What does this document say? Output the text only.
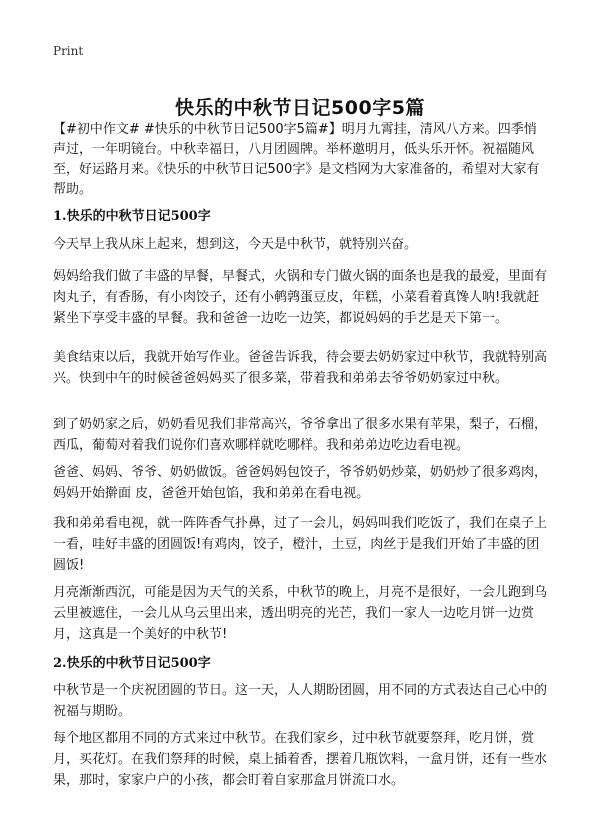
Print
快乐的中秋节日记500字5篇

【#初中作文# #快乐的中秋节日记500字5篇#】明月九霄挂，清风八方来。四季悄声过，一年明镜台。中秋幸福日，八月团圆牌。举杯邀明月，低头乐开怀。祝福随风至，好运路月来。《快乐的中秋节日记500字》是文档网为大家准备的，希望对大家有帮助。

1.快乐的中秋节日记500字

今天早上我从床上起来，想到这，今天是中秋节，就特别兴奋。

妈妈给我们做了丰盛的早餐，早餐式，火锅和专门做火锅的面条也是我的最爱，里面有肉丸子，有香肠，有小肉饺子，还有小鹌鹑蛋豆皮，年糕，小菜看着真馋人呐!我就赶紧坐下享受丰盛的早餐。我和爸爸一边吃一边笑，都说妈妈的手艺是天下第一。

美食结束以后，我就开始写作业。爸爸告诉我，待会要去奶奶家过中秋节，我就特别高兴。快到中午的时候爸爸妈妈买了很多菜，带着我和弟弟去爷爷奶奶家过中秋。

到了奶奶家之后，奶奶看见我们非常高兴，爷爷拿出了很多水果有苹果，梨子，石榴，西瓜，葡萄对着我们说你们喜欢哪样就吃哪样。我和弟弟边吃边看电视。

爸爸、妈妈、爷爷、奶奶做饭。爸爸妈妈包饺子，爷爷奶奶炒菜，奶奶炒了很多鸡肉，妈妈开始擀面 皮，爸爸开始包馅，我和弟弟在看电视。

我和弟弟看电视，就一阵阵香气扑鼻，过了一会儿，妈妈叫我们吃饭了，我们在桌子上一看，哇好丰盛的团圆饭!有鸡肉，饺子，橙汁，土豆，肉丝于是我们开始了丰盛的团圆饭!

月亮渐渐西沉，可能是因为天气的关系，中秋节的晚上，月亮不是很好，一会儿跑到乌云里被遮住，一会儿从乌云里出来，透出明亮的光芒，我们一家人一边吃月饼一边赏月，这真是一个美好的中秋节!

2.快乐的中秋节日记500字

中秋节是一个庆祝团圆的节日。这一天，人人期盼团圆，用不同的方式表达自己心中的祝福与期盼。

每个地区都用不同的方式来过中秋节。在我们家乡，过中秋节就要祭拜，吃月饼，赏月，买花灯。在我们祭拜的时候，桌上插着香，摆着几瓶饮料，一盒月饼，还有一些水果，那时，家家户户的小孩，都会盯着自家那盒月饼流口水。
